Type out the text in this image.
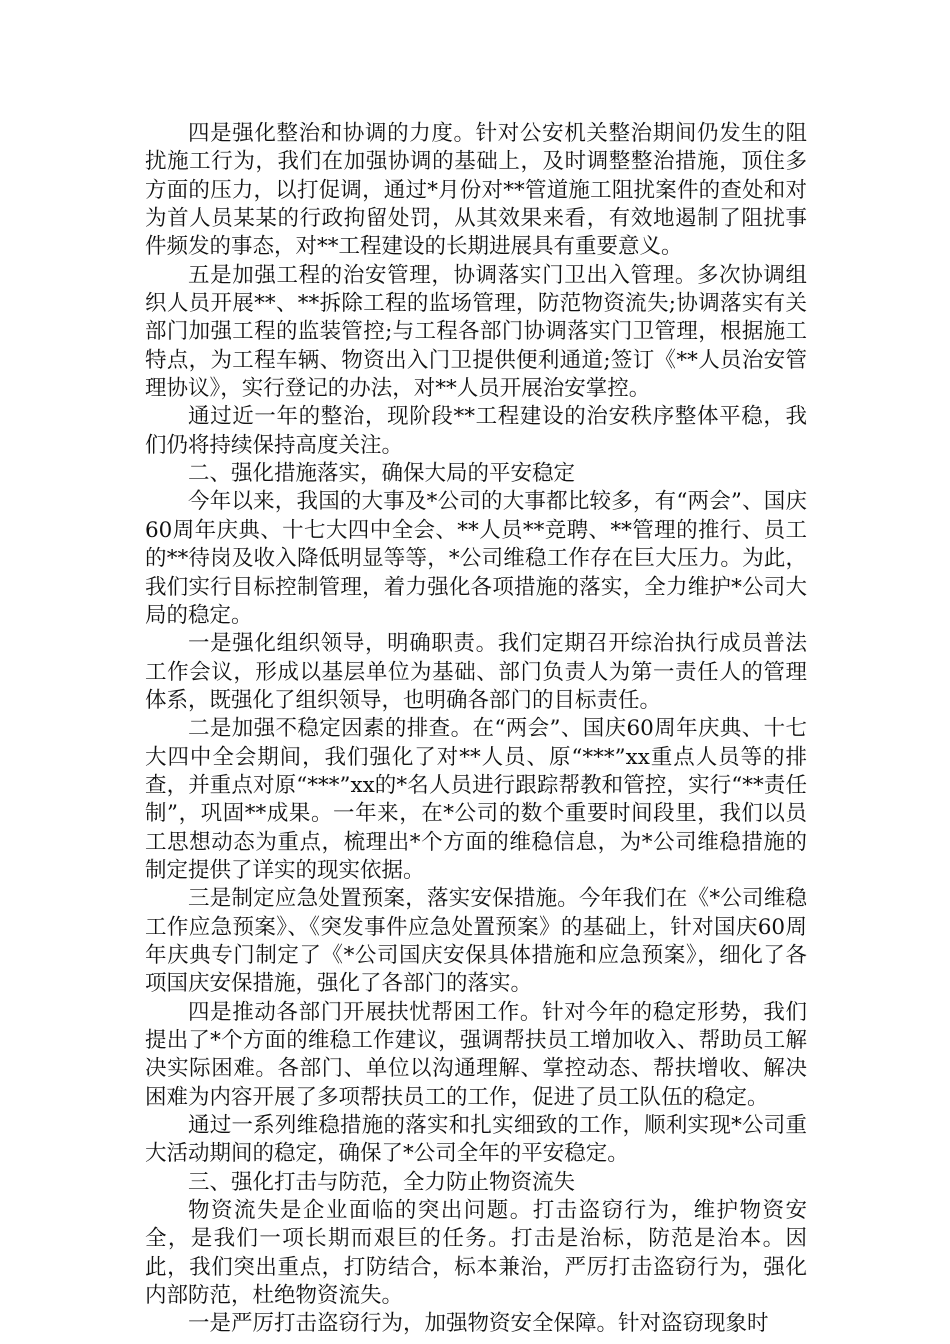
四是强化整治和协调的力度。针对公安机关整治期间仍发生的阻扰施工行为，我们在加强协调的基础上，及时调整整治措施，顶住多方面的压力，以打促调，通过*月份对**管道施工阻扰案件的查处和对为首人员某某的行政拘留处罚，从其效果来看，有效地遏制了阻扰事件频发的事态，对**工程建设的长期进展具有重要意义。

五是加强工程的治安管理，协调落实门卫出入管理。多次协调组织人员开展**、**拆除工程的监场管理，防范物资流失;协调落实有关部门加强工程的监装管控;与工程各部门协调落实门卫管理，根据施工特点，为工程车辆、物资出入门卫提供便利通道;签订《**人员治安管理协议》，实行登记的办法，对**人员开展治安掌控。

通过近一年的整治，现阶段**工程建设的治安秩序整体平稳，我们仍将持续保持高度关注。

二、强化措施落实，确保大局的平安稳定

今年以来，我国的大事及*公司的大事都比较多，有“两会”、国庆60周年庆典、十七大四中全会、**人员**竞聘、**管理的推行、员工的**待岗及收入降低明显等等，*公司维稳工作存在巨大压力。为此，我们实行目标控制管理，着力强化各项措施的落实，全力维护*公司大局的稳定。

一是强化组织领导，明确职责。我们定期召开综治执行成员普法工作会议，形成以基层单位为基础、部门负责人为第一责任人的管理体系，既强化了组织领导，也明确各部门的目标责任。

二是加强不稳定因素的排查。在“两会”、国庆60周年庆典、十七大四中全会期间，我们强化了对**人员、原“***”xx重点人员等的排查，并重点对原“***”xx的*名人员进行跟踪帮教和管控，实行“**责任制”，巩固**成果。一年来，在*公司的数个重要时间段里，我们以员工思想动态为重点，梳理出*个方面的维稳信息，为*公司维稳措施的制定提供了详实的现实依据。

三是制定应急处置预案，落实安保措施。今年我们在《*公司维稳工作应急预案》、《突发事件应急处置预案》的基础上，针对国庆60周年庆典专门制定了《*公司国庆安保具体措施和应急预案》，细化了各项国庆安保措施，强化了各部门的落实。

四是推动各部门开展扶忧帮困工作。针对今年的稳定形势，我们提出了*个方面的维稳工作建议，强调帮扶员工增加收入、帮助员工解决实际困难。各部门、单位以沟通理解、掌控动态、帮扶增收、解决困难为内容开展了多项帮扶员工的工作，促进了员工队伍的稳定。

通过一系列维稳措施的落实和扎实细致的工作，顺利实现*公司重大活动期间的稳定，确保了*公司全年的平安稳定。

三、强化打击与防范，全力防止物资流失

物资流失是企业面临的突出问题。打击盗窃行为，维护物资安全，是我们一项长期而艰巨的任务。打击是治标，防范是治本。因此，我们突出重点，打防结合，标本兼治，严厉打击盗窃行为，强化内部防范，杜绝物资流失。

一是严厉打击盗窃行为，加强物资安全保障。针对盗窃现象时
